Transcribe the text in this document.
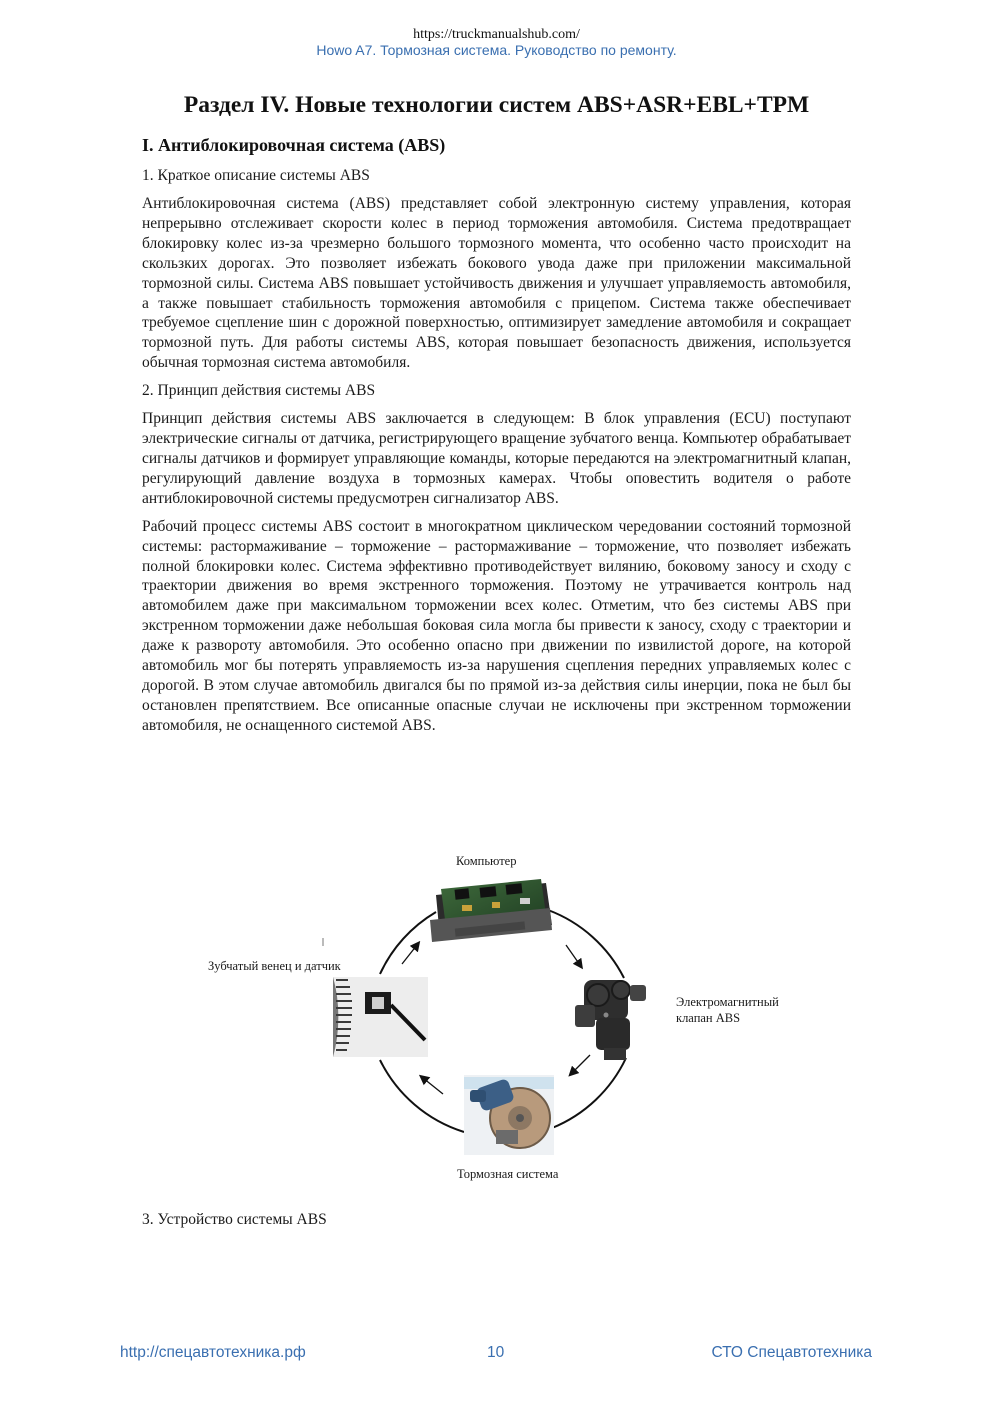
https://truckmanualshub.com/
Howo A7. Тормозная система. Руководство по ремонту.
Раздел IV. Новые технологии систем ABS+ASR+EBL+TPM
I. Антиблокировочная система (ABS)
1. Краткое описание системы ABS

Антиблокировочная система (ABS) представляет собой электронную систему управления, которая непрерывно отслеживает скорости колес в период торможения автомобиля. Система предотвращает блокировку колес из-за чрезмерно большого тормозного момента, что особенно часто происходит на скользких дорогах. Это позволяет избежать бокового увода даже при приложении максимальной тормозной силы. Система ABS повышает устойчивость движения и улучшает управляемость автомобиля, а также повышает стабильность торможения автомобиля с прицепом. Система также обеспечивает требуемое сцепление шин с дорожной поверхностью, оптимизирует замедление автомобиля и сокращает тормозной путь. Для работы системы ABS, которая повышает безопасность движения, используется обычная тормозная система автомобиля.

2. Принцип действия системы ABS

Принцип действия системы ABS заключается в следующем: В блок управления (ECU) поступают электрические сигналы от датчика, регистрирующего вращение зубчатого венца. Компьютер обрабатывает сигналы датчиков и формирует управляющие команды, которые передаются на электромагнитный клапан, регулирующий давление воздуха в тормозных камерах. Чтобы оповестить водителя о работе антиблокировочной системы предусмотрен сигнализатор ABS.

Рабочий процесс системы ABS состоит в многократном циклическом чередовании состояний тормозной системы: растормаживание – торможение – растормаживание – торможение, что позволяет избежать полной блокировки колес. Система эффективно противодействует вилянию, боковому заносу и сходу с траектории движения во время экстренного торможения. Поэтому не утрачивается контроль над автомобилем даже при максимальном торможении всех колес. Отметим, что без системы ABS при экстренном торможении даже небольшая боковая сила могла бы привести к заносу, сходу с траектории и даже к развороту автомобиля. Это особенно опасно при движении по извилистой дороге, на которой автомобиль мог бы потерять управляемость из-за нарушения сцепления передних управляемых колес с дорогой. В этом случае автомобиль двигался бы по прямой из-за действия силы инерции, пока не был бы остановлен препятствием. Все описанные опасные случаи не исключены при экстренном торможении автомобиля, не оснащенного системой ABS.

Компьютер
Электромагнитный
клапан ABS
Тормозная система
Зубчатый венец и датчик
3. Устройство системы ABS
http://спецавтотехника.рф	10	СТО Спецавтотехника
